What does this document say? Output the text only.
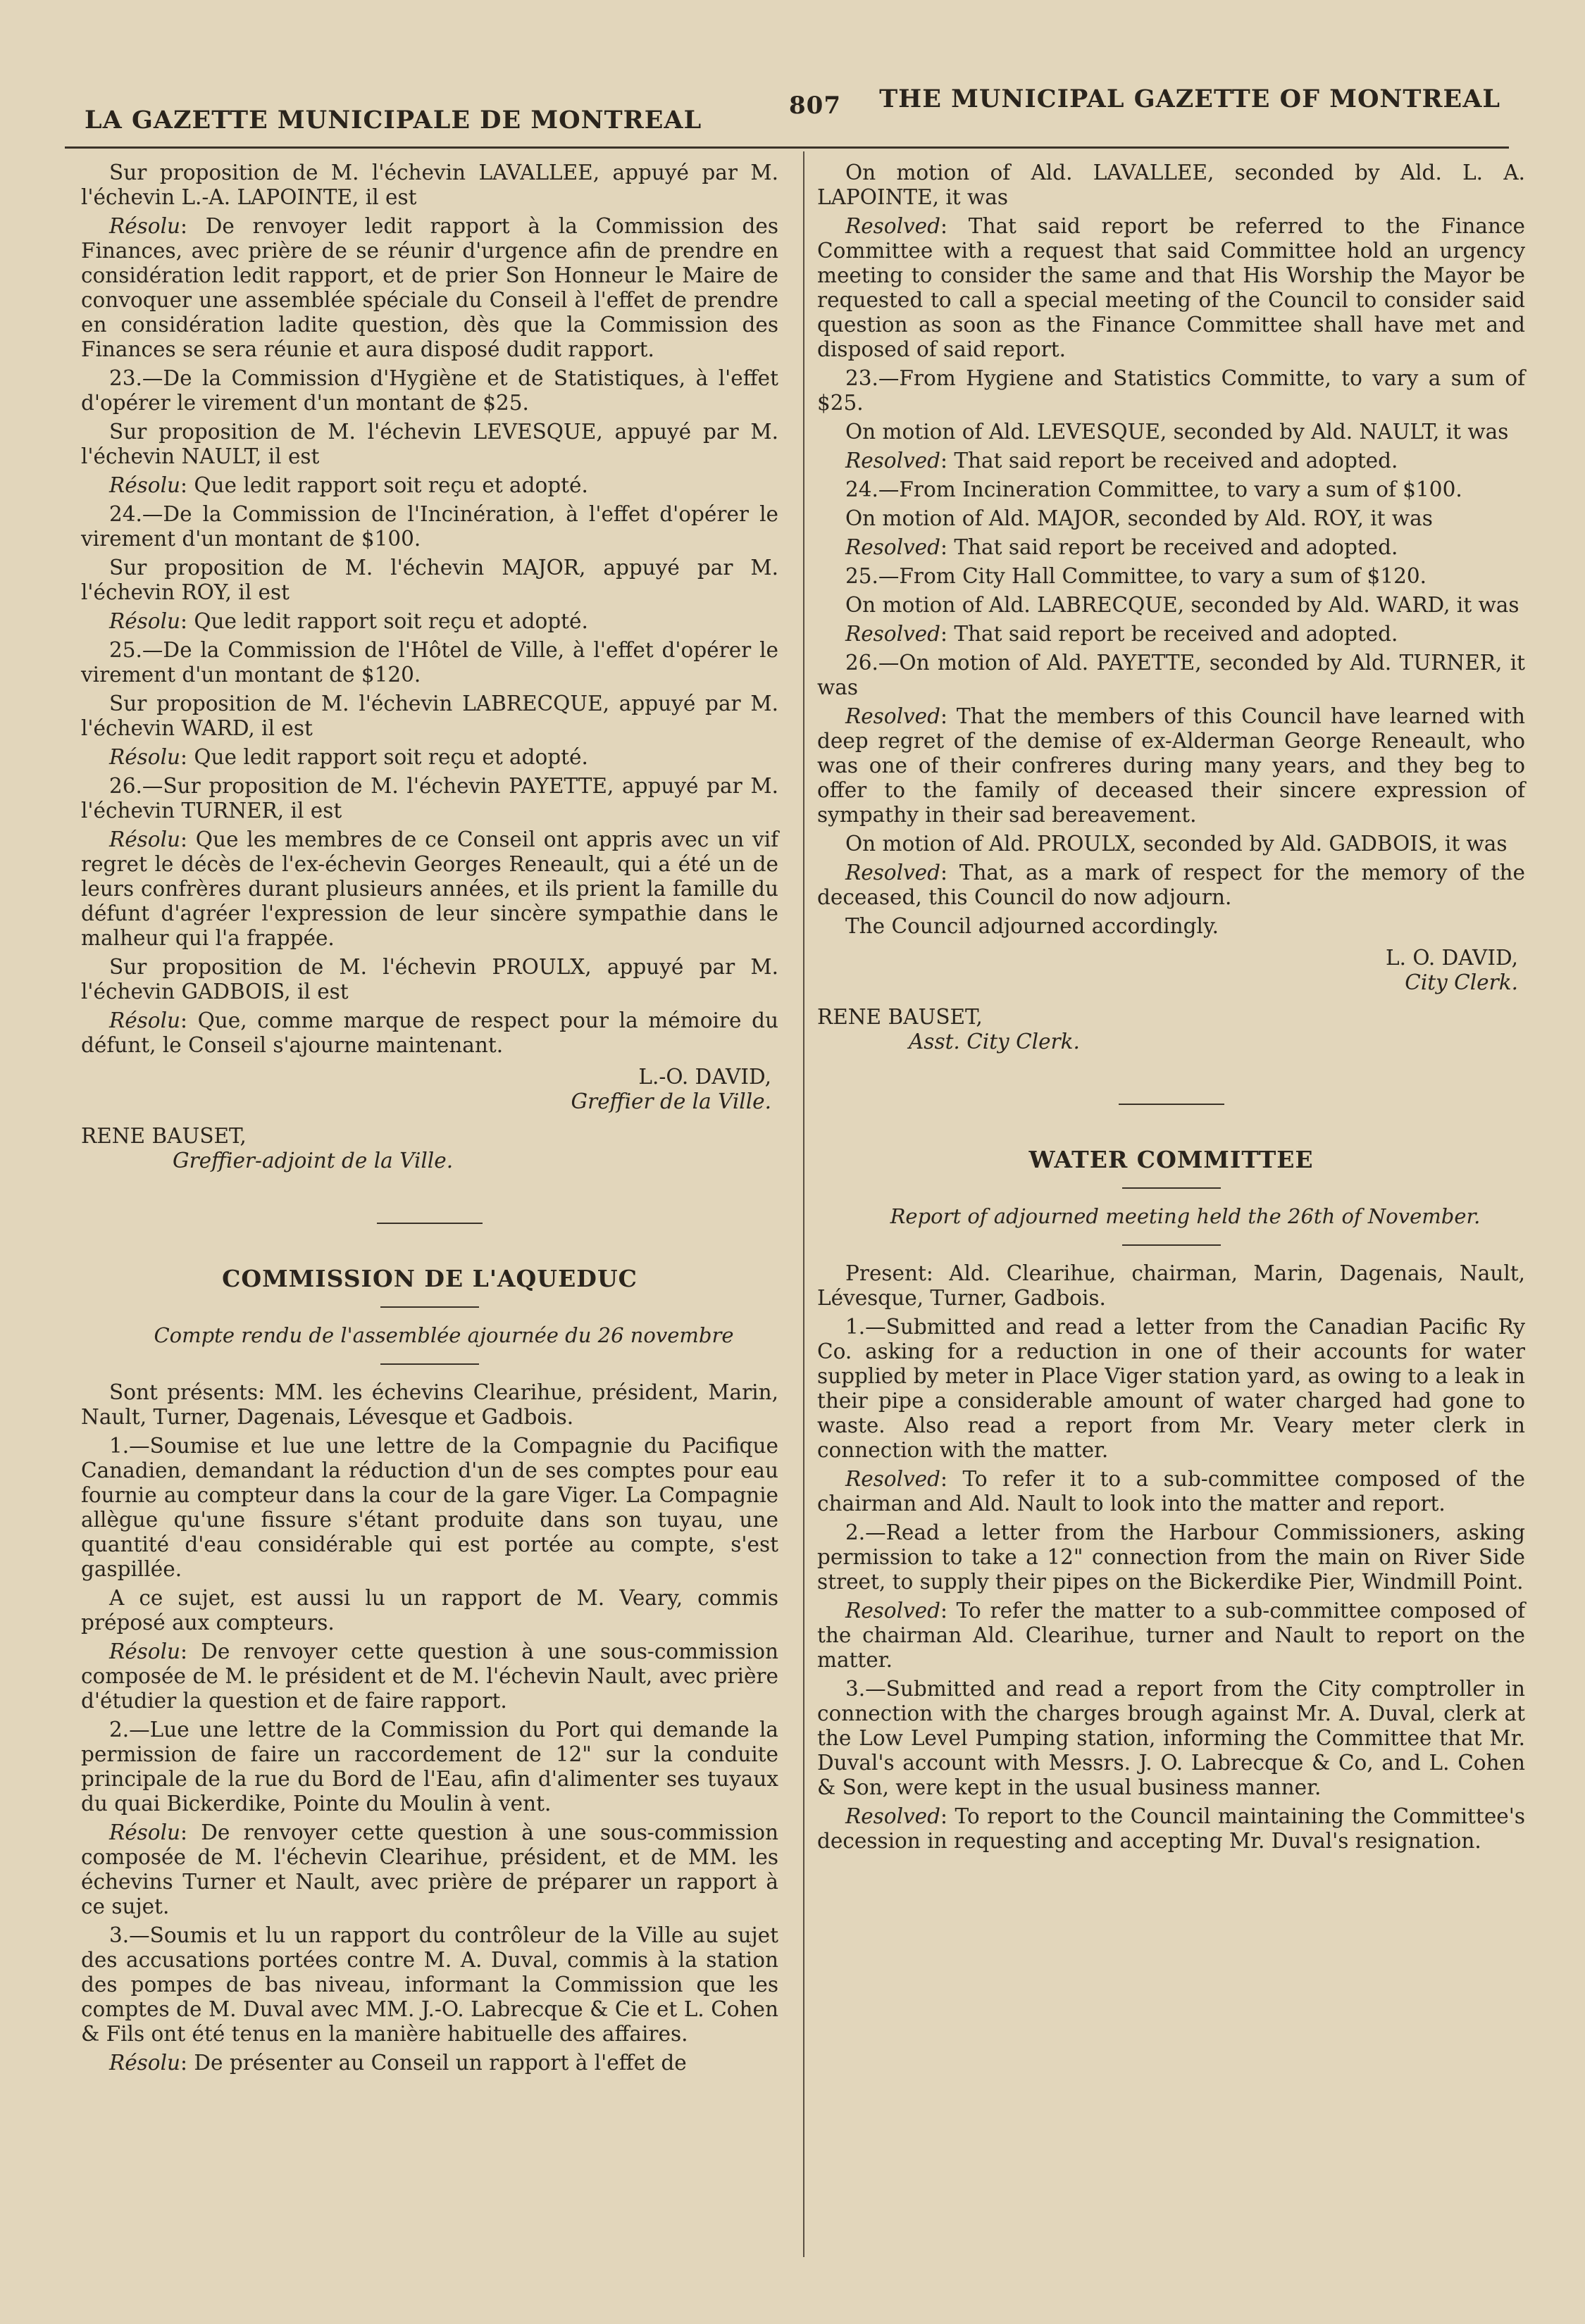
LA GAZETTE MUNICIPALE DE MONTREAL	807 THE MUNICIPAL GAZETTE OF MONTREAL

Sur proposition de M. l'échevin LAVALLEE, appuyé par M. l'échevin L.-A. LAPOINTE, il est

Résolu: De renvoyer ledit rapport à la Commission des Finances, avec prière de se réunir d'urgence afin de prendre en considération ledit rapport, et de prier Son Honneur le Maire de convoquer une assemblée spéciale du Conseil à l'effet de prendre en considération ladite question, dès que la Commission des Finances se sera réunie et aura disposé dudit rapport.

23.—De la Commission d'Hygiène et de Statistiques, à l'effet d'opérer le virement d'un montant de $25.

Sur proposition de M. l'échevin LEVESQUE, appuyé par M. l'échevin NAULT, il est

Résolu: Que ledit rapport soit reçu et adopté.

24.—De la Commission de l'Incinération, à l'effet d'opérer le virement d'un montant de $100.

Sur proposition de M. l'échevin MAJOR, appuyé par M. l'échevin ROY, il est

Résolu: Que ledit rapport soit reçu et adopté.

25.—De la Commission de l'Hôtel de Ville, à l'effet d'opérer le virement d'un montant de $120.

Sur proposition de M. l'échevin LABRECQUE, appuyé par M. l'échevin WARD, il est

Résolu: Que ledit rapport soit reçu et adopté.

26.—Sur proposition de M. l'échevin PAYETTE, appuyé par M. l'échevin TURNER, il est

Résolu: Que les membres de ce Conseil ont appris avec un vif regret le décès de l'ex-échevin Georges Reneault, qui a été un de leurs confrères durant plusieurs années, et ils prient la famille du défunt d'agréer l'expression de leur sincère sympathie dans le malheur qui l'a frappée.

Sur proposition de M. l'échevin PROULX, appuyé par M. l'échevin GADBOIS, il est

Résolu: Que, comme marque de respect pour la mémoire du défunt, le Conseil s'ajourne maintenant.

L.-O. DAVID,
Greffier de la Ville.
RENE BAUSET,
Greffier-adjoint de la Ville.
COMMISSION DE L'AQUEDUC

Compte rendu de l'assemblée ajournée du 26 novembre

Sont présents: MM. les échevins Clearihue, président, Marin, Nault, Turner, Dagenais, Lévesque et Gadbois.

1.—Soumise et lue une lettre de la Compagnie du Pacifique Canadien, demandant la réduction d'un de ses comptes pour eau fournie au compteur dans la cour de la gare Viger. La Compagnie allègue qu'une fissure s'étant produite dans son tuyau, une quantité d'eau considérable qui est portée au compte, s'est gaspillée.

A ce sujet, est aussi lu un rapport de M. Veary, commis préposé aux compteurs.

Résolu: De renvoyer cette question à une sous-commission composée de M. le président et de M. l'échevin Nault, avec prière d'étudier la question et de faire rapport.

2.—Lue une lettre de la Commission du Port qui demande la permission de faire un raccordement de 12" sur la conduite principale de la rue du Bord de l'Eau, afin d'alimenter ses tuyaux du quai Bickerdike, Pointe du Moulin à vent.

Résolu: De renvoyer cette question à une sous-commission composée de M. l'échevin Clearihue, président, et de MM. les échevins Turner et Nault, avec prière de préparer un rapport à ce sujet.

3.—Soumis et lu un rapport du contrôleur de la Ville au sujet des accusations portées contre M. A. Duval, commis à la station des pompes de bas niveau, informant la Commission que les comptes de M. Duval avec MM. J.-O. Labrecque & Cie et L. Cohen & Fils ont été tenus en la manière habituelle des affaires.

Résolu: De présenter au Conseil un rapport à l'effet de

On motion of Ald. LAVALLEE, seconded by Ald. L. A. LAPOINTE, it was

Resolved: That said report be referred to the Finance Committee with a request that said Committee hold an urgency meeting to consider the same and that His Worship the Mayor be requested to call a special meeting of the Council to consider said question as soon as the Finance Committee shall have met and disposed of said report.

23.—From Hygiene and Statistics Committe, to vary a sum of $25.

On motion of Ald. LEVESQUE, seconded by Ald. NAULT, it was

Resolved: That said report be received and adopted.

24.—From Incineration Committee, to vary a sum of $100.

On motion of Ald. MAJOR, seconded by Ald. ROY, it was

Resolved: That said report be received and adopted.

25.—From City Hall Committee, to vary a sum of $120.

On motion of Ald. LABRECQUE, seconded by Ald. WARD, it was

Resolved: That said report be received and adopted.

26.—On motion of Ald. PAYETTE, seconded by Ald. TURNER, it was

Resolved: That the members of this Council have learned with deep regret of the demise of ex-Alderman George Reneault, who was one of their confreres during many years, and they beg to offer to the family of deceased their sincere expression of sympathy in their sad bereavement.

On motion of Ald. PROULX, seconded by Ald. GADBOIS, it was

Resolved: That, as a mark of respect for the memory of the deceased, this Council do now adjourn.

The Council adjourned accordingly.

L. O. DAVID,
City Clerk.
RENE BAUSET,
Asst. City Clerk.
WATER COMMITTEE

Report of adjourned meeting held the 26th of November.

Present: Ald. Clearihue, chairman, Marin, Dagenais, Nault, Lévesque, Turner, Gadbois.

1.—Submitted and read a letter from the Canadian Pacific Ry Co. asking for a reduction in one of their accounts for water supplied by meter in Place Viger station yard, as owing to a leak in their pipe a considerable amount of water charged had gone to waste. Also read a report from Mr. Veary meter clerk in connection with the matter.

Resolved: To refer it to a sub-committee composed of the chairman and Ald. Nault to look into the matter and report.

2.—Read a letter from the Harbour Commissioners, asking permission to take a 12" connection from the main on River Side street, to supply their pipes on the Bickerdike Pier, Windmill Point.

Resolved: To refer the matter to a sub-committee composed of the chairman Ald. Clearihue, turner and Nault to report on the matter.

3.—Submitted and read a report from the City comptroller in connection with the charges brough against Mr. A. Duval, clerk at the Low Level Pumping station, informing the Committee that Mr. Duval's account with Messrs. J. O. Labrecque & Co, and L. Cohen & Son, were kept in the usual business manner.

Resolved: To report to the Council maintaining the Committee's decession in requesting and accepting Mr. Duval's resignation.
